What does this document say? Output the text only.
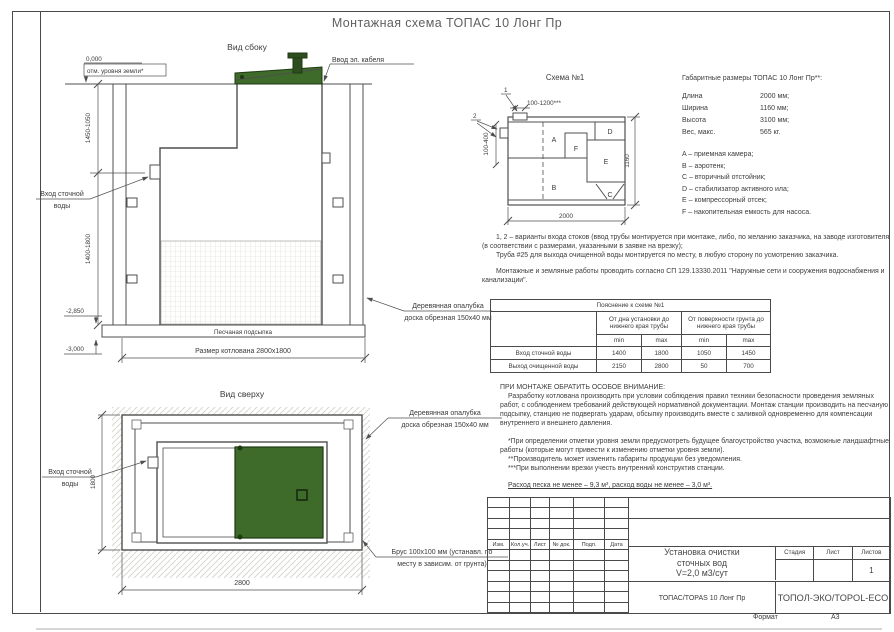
Монтажная схема ТОПАС 10 Лонг Пр
Вид сбоку
0,000
отм. уровня земли*
1450-1050
1400-1800
Ввод эл. кабеля
Вход сточной
воды
Песчаная подсыпка
-2,850
-3,000	Размер котлована 2800x1800
Деревянная опалубка
доска обрезная 150x40 мм
Вид сверху
Вход сточной
воды 1800
2800
Деревянная опалубка
доска обрезная 150x40 мм
Брус 100x100 мм (устанавл. по
месту в зависим. от грунта)
Схема №1
A
B
C
D
E
F
1
2
100-1200***
100-400
2000
1160

Габаритные размеры ТОПАС 10 Лонг Пр**:

Длина	2000 мм;
Ширина	1160 мм;
Высота	3100 мм;
Вес, макс.	565 кг.
A – приемная камера;
B – аэротенк;
C – вторичный отстойник;
D – стабилизатор активного ила;
E – компрессорный отсек;
F – накопительная емкость для насоса.

1, 2 – варианты входа стоков (ввод трубы монтируется при монтаже, либо, по желанию заказчика, на заводе изготовителя (в соответствии с размерами, указанными в заявке на врезку);

Труба #25 для выхода очищенной воды монтируется по месту, в любую сторону по усмотрению заказчика.

Монтажные и земляные работы проводить согласно СП 129.13330.2011 "Наружные сети и сооружения водоснабжения и канализации".

Пояснение к схеме №1				
	От дна установки до нижнего края трубы		От поверхности грунта до нижнего края трубы	
	min	max	min	max
Вход сточной воды	1400	1800	1050	1450
Выход очищенной воды	2150	2800	50	700

ПРИ МОНТАЖЕ ОБРАТИТЬ ОСОБОЕ ВНИМАНИЕ:

Разработку котлована производить при условии соблюдения правил техники безопасности проведения земляных работ, с соблюдением требований действующей нормативной документации. Монтаж станции производить на песчаную подсыпку, станцию не подвергать ударам, обсыпку производить вместе с заливкой одновременно для компенсации внутреннего и внешнего давления.

*При определении отметки уровня земли предусмотреть будущее благоустройство участка, возможные ландшафтные работы (которые могут привести к изменению отметки уровня земли).

**Производитель может изменить габариты продукции без уведомления.

***При выполнении врезки учесть внутренний конструктив станции.

Расход песка не менее – 9,3 м³, расход воды не менее – 3,0 м³.

Изм.	Кол.уч.	Лист	№ док.	Подп.	Дата

Установка очистки
сточных вод
V=2,0 м3/сут
Стадия	Лист	Листов
1
ТОПАС/TOPAS 10 Лонг Пр	ТОПОЛ-ЭКО/TOPOL-ECO
Формат	А3
